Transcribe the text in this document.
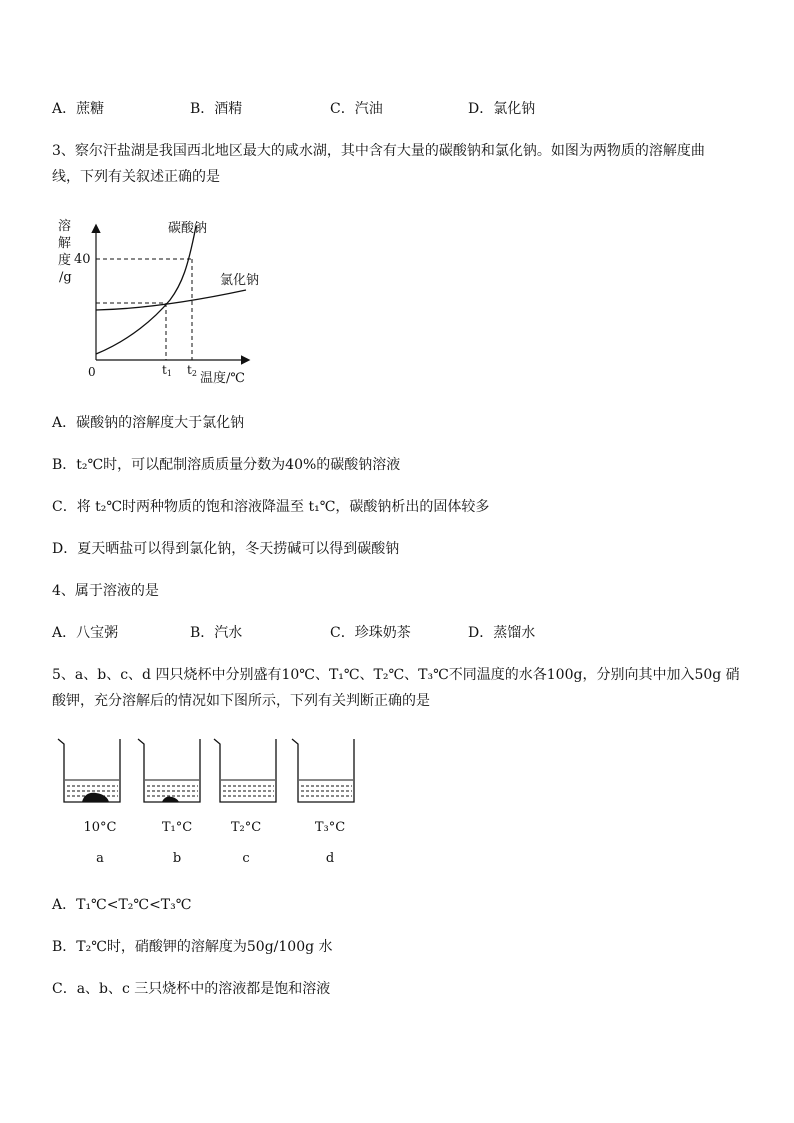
A．蔗糖	B．酒精	C．汽油	D．氯化钠
3、察尔汗盐湖是我国西北地区最大的咸水湖，其中含有大量的碳酸钠和氯化钠。如图为两物质的溶解度曲
线，下列有关叙述正确的是
溶
解
度
/g
40
碳酸钠
氯化钠
0	t1 t2 温度/℃
A．碳酸钠的溶解度大于氯化钠
B．t₂℃时，可以配制溶质质量分数为40%的碳酸钠溶液
C．将 t₂℃时两种物质的饱和溶液降温至 t₁℃，碳酸钠析出的固体较多
D．夏天晒盐可以得到氯化钠，冬天捞碱可以得到碳酸钠
4、属于溶液的是
A．八宝粥	B．汽水	C．珍珠奶茶	D．蒸馏水
5、a、b、c、d 四只烧杯中分别盛有10℃、T₁℃、T₂℃、T₃℃不同温度的水各100g，分别向其中加入50g 硝
酸钾，充分溶解后的情况如下图所示，下列有关判断正确的是
10°C	T₁°C	T₂°C	T₃°C
a	b	c	d
A．T₁℃<T₂℃<T₃℃
B．T₂℃时，硝酸钾的溶解度为50g/100g 水
C．a、b、c 三只烧杯中的溶液都是饱和溶液
